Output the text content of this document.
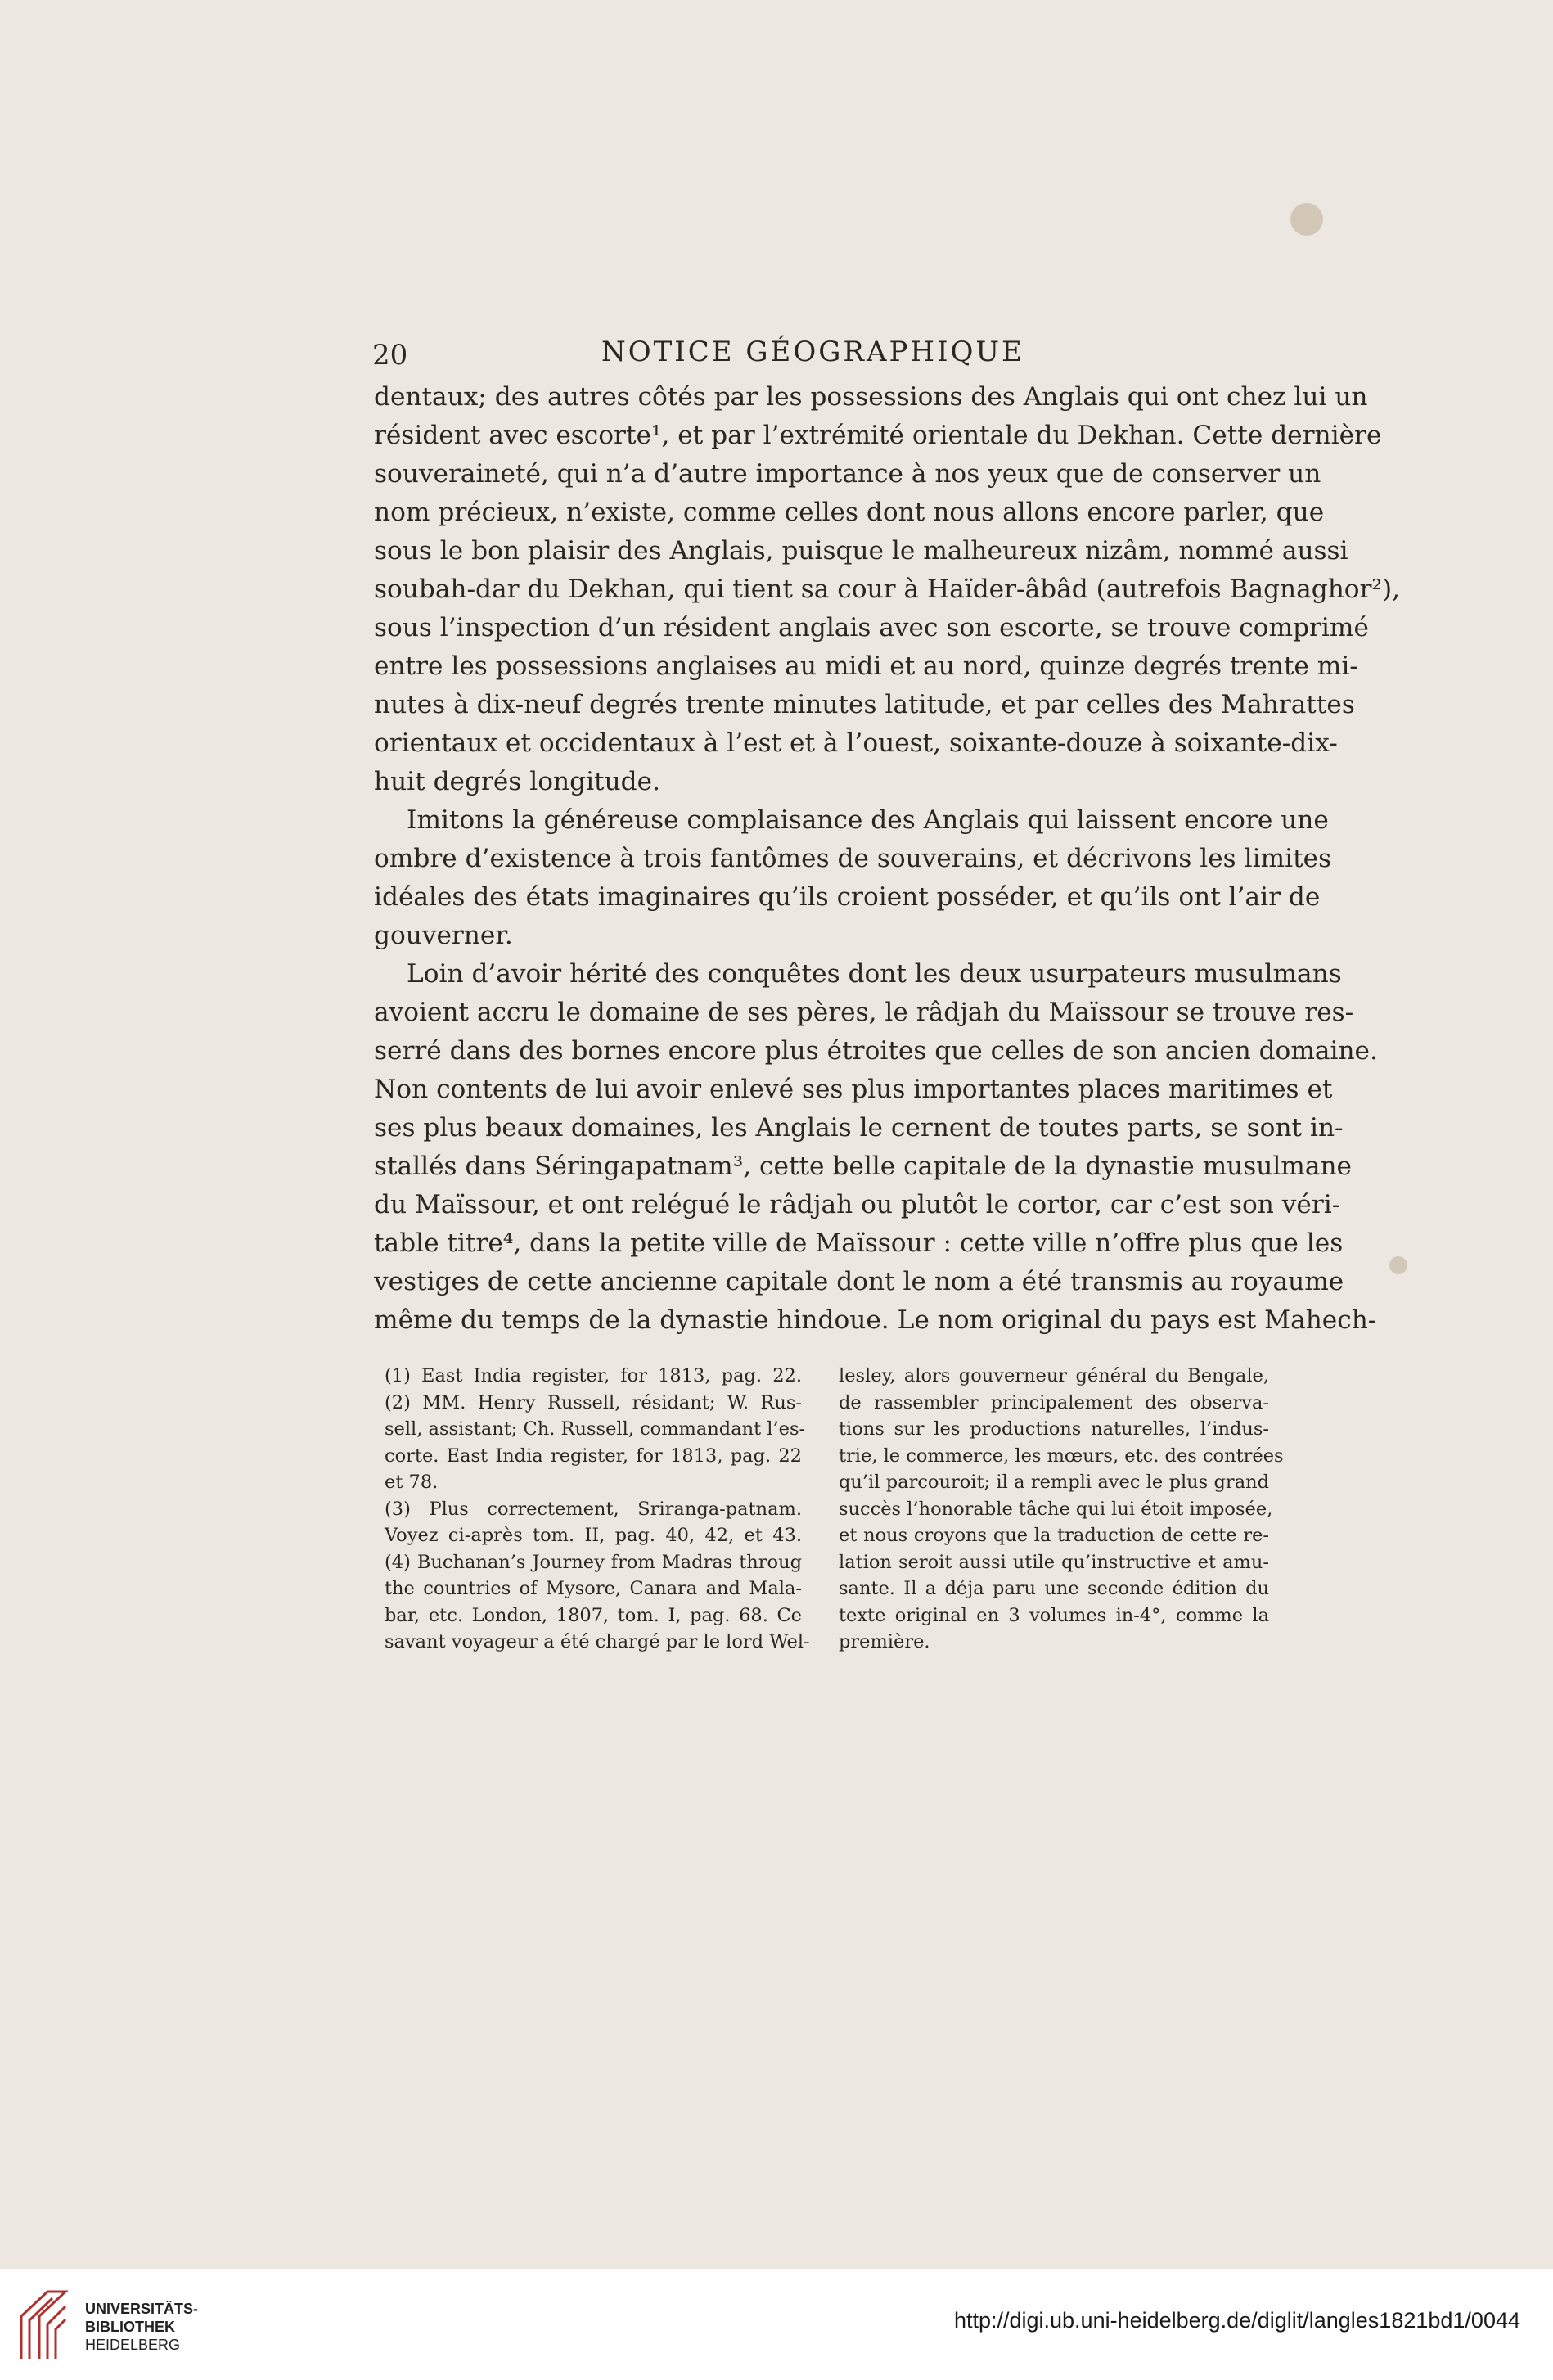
20	NOTICE GÉOGRAPHIQUE
dentaux; des autres côtés par les possessions des Anglais qui ont chez lui un
résident avec escorte¹, et par l’extrémité orientale du Dekhan. Cette dernière
souveraineté, qui n’a d’autre importance à nos yeux que de conserver un
nom précieux, n’existe, comme celles dont nous allons encore parler, que
sous le bon plaisir des Anglais, puisque le malheureux nizâm, nommé aussi
soubah-dar du Dekhan, qui tient sa cour à Haïder-âbâd (autrefois Bagnaghor²),
sous l’inspection d’un résident anglais avec son escorte, se trouve comprimé
entre les possessions anglaises au midi et au nord, quinze degrés trente mi-
nutes à dix-neuf degrés trente minutes latitude, et par celles des Mahrattes
orientaux et occidentaux à l’est et à l’ouest, soixante-douze à soixante-dix-
huit degrés longitude.
Imitons la généreuse complaisance des Anglais qui laissent encore une
ombre d’existence à trois fantômes de souverains, et décrivons les limites
idéales des états imaginaires qu’ils croient posséder, et qu’ils ont l’air de
gouverner.
Loin d’avoir hérité des conquêtes dont les deux usurpateurs musulmans
avoient accru le domaine de ses pères, le râdjah du Maïssour se trouve res-
serré dans des bornes encore plus étroites que celles de son ancien domaine.
Non contents de lui avoir enlevé ses plus importantes places maritimes et
ses plus beaux domaines, les Anglais le cernent de toutes parts, se sont in-
stallés dans Séringapatnam³, cette belle capitale de la dynastie musulmane
du Maïssour, et ont relégué le râdjah ou plutôt le cortor, car c’est son véri-
table titre⁴, dans la petite ville de Maïssour : cette ville n’offre plus que les
vestiges de cette ancienne capitale dont le nom a été transmis au royaume
même du temps de la dynastie hindoue. Le nom original du pays est Mahech-
(1) East India register, for 1813, pag. 22.
(2) MM. Henry Russell, résidant; W. Rus-
sell, assistant; Ch. Russell, commandant l’es-
corte. East India register, for 1813, pag. 22
et 78.
(3) Plus correctement, Sriranga-patnam.
Voyez ci-après tom. II, pag. 40, 42, et 43.
(4) Buchanan’s Journey from Madras throug
the countries of Mysore, Canara and Mala-
bar, etc. London, 1807, tom. I, pag. 68. Ce
savant voyageur a été chargé par le lord Wel-
lesley, alors gouverneur général du Bengale,
de rassembler principalement des observa-
tions sur les productions naturelles, l’indus-
trie, le commerce, les mœurs, etc. des contrées
qu’il parcouroit; il a rempli avec le plus grand
succès l’honorable tâche qui lui étoit imposée,
et nous croyons que la traduction de cette re-
lation seroit aussi utile qu’instructive et amu-
sante. Il a déja paru une seconde édition du
texte original en 3 volumes in-4°, comme la
première.
UNIVERSITÄTS-
BIBLIOTHEK
HEIDELBERG
http://digi.ub.uni-heidelberg.de/diglit/langles1821bd1/0044
